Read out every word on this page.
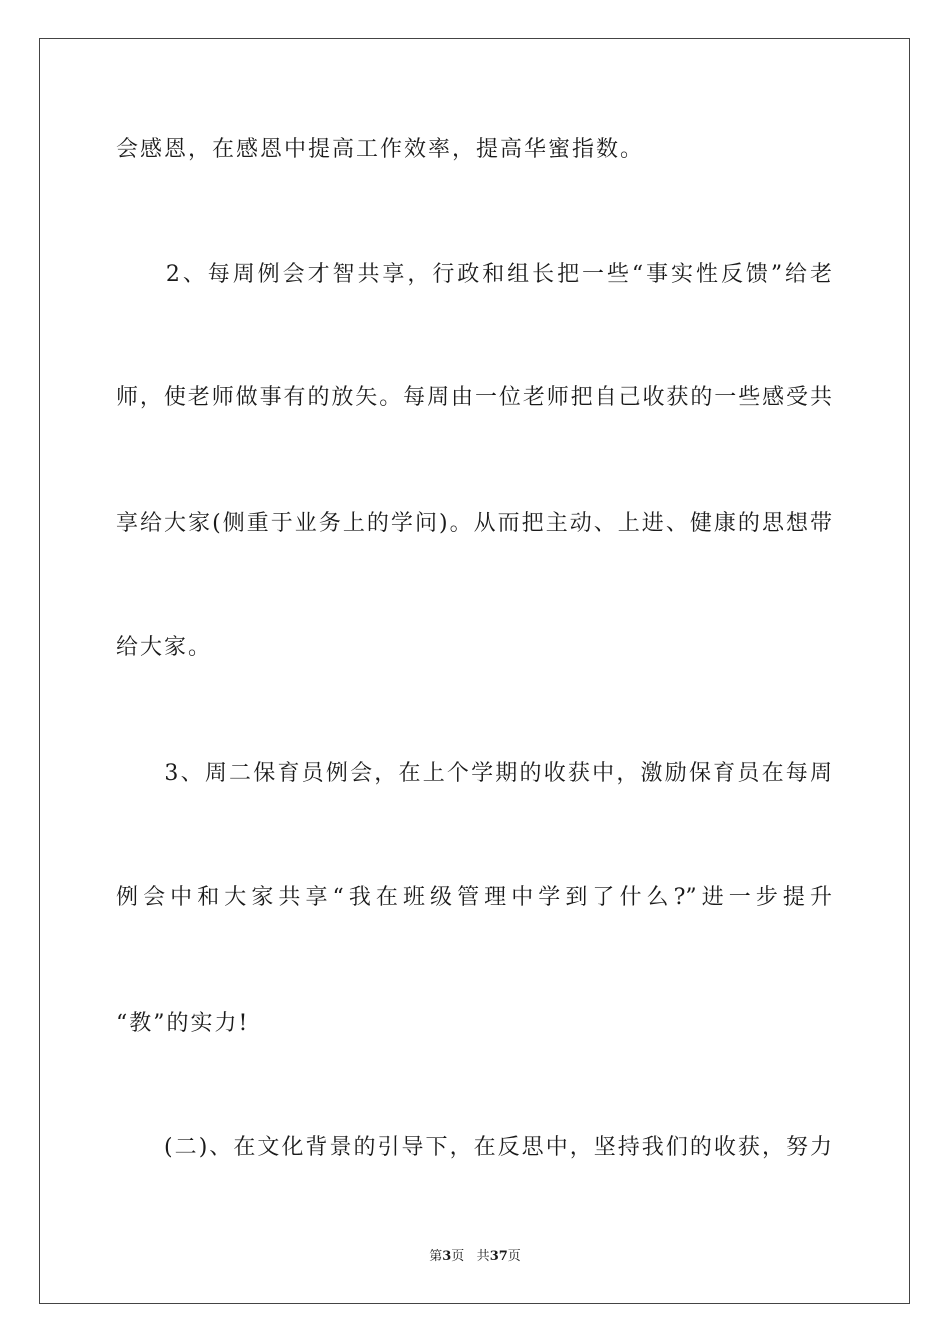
会感恩，在感恩中提高工作效率，提高华蜜指数。
　　2、每周例会才智共享，行政和组长把一些“事实性反馈”给老
师，使老师做事有的放矢。每周由一位老师把自己收获的一些感受共
享给大家(侧重于业务上的学问)。从而把主动、上进、健康的思想带
给大家。
　　3、周二保育员例会，在上个学期的收获中，激励保育员在每周
例会中和大家共享“我在班级管理中学到了什么?”进一步提升
“教”的实力!
　　(二)、在文化背景的引导下，在反思中，坚持我们的收获，努力
第3页 共37页
